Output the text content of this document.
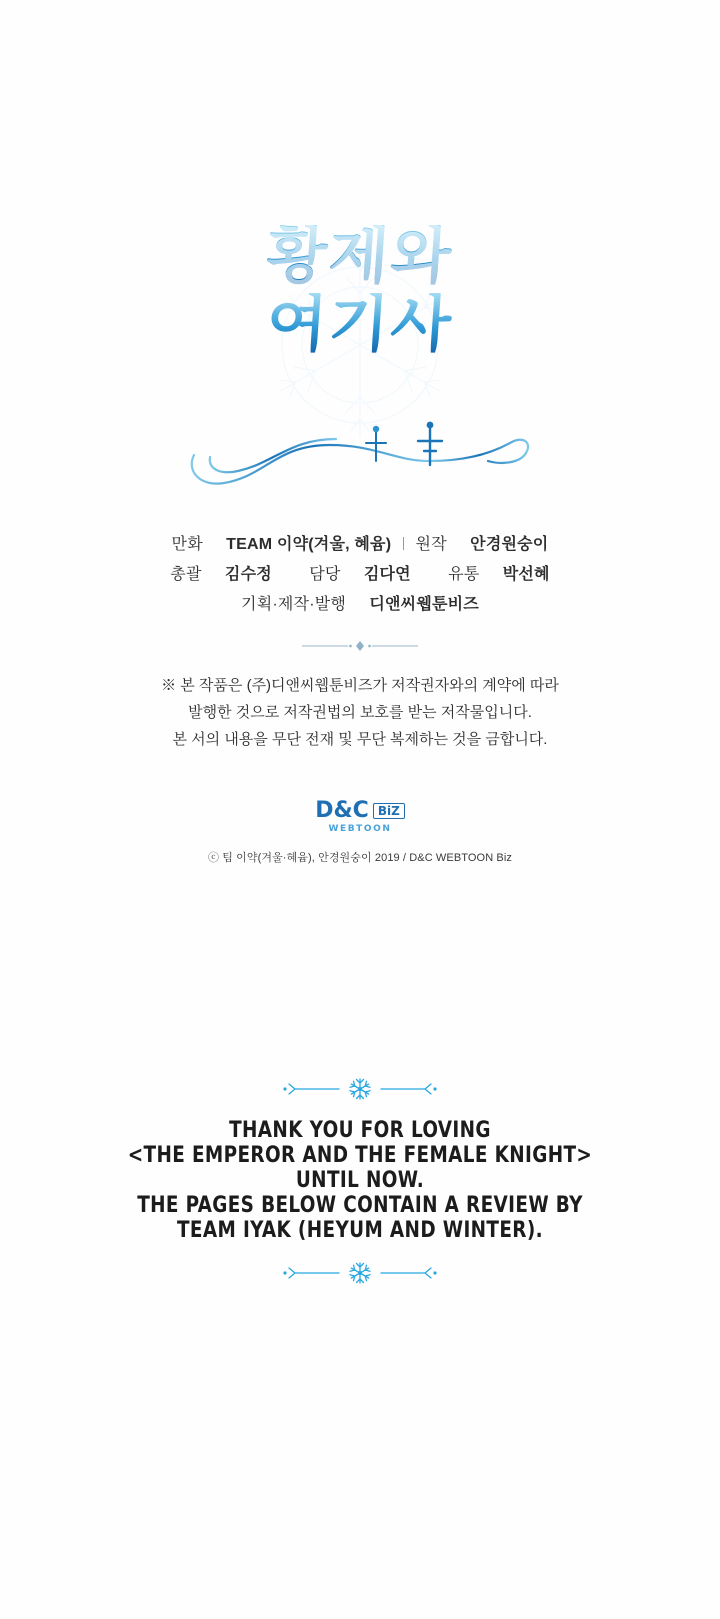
황제와
여기사
만화 TEAM 이약(겨울, 혜윰) 원작 안경원숭이
총괄 김수정 담당 김다연 유통 박선혜
기획·제작·발행 디앤씨웹툰비즈

※ 본 작품은 (주)디앤씨웹툰비즈가 저작권자와의 계약에 따라

발행한 것으로 저작권법의 보호를 받는 저작물입니다.

본 서의 내용을 무단 전재 및 무단 복제하는 것을 금합니다.

D&C BiZ
WEBTOON
ⓒ 팀 이약(겨울·혜윰), 안경원숭이 2019 / D&C WEBTOON Biz

THANK YOU FOR LOVING

<THE EMPEROR AND THE FEMALE KNIGHT>

UNTIL NOW.

THE PAGES BELOW CONTAIN A REVIEW BY

TEAM IYAK (HEYUM AND WINTER).
